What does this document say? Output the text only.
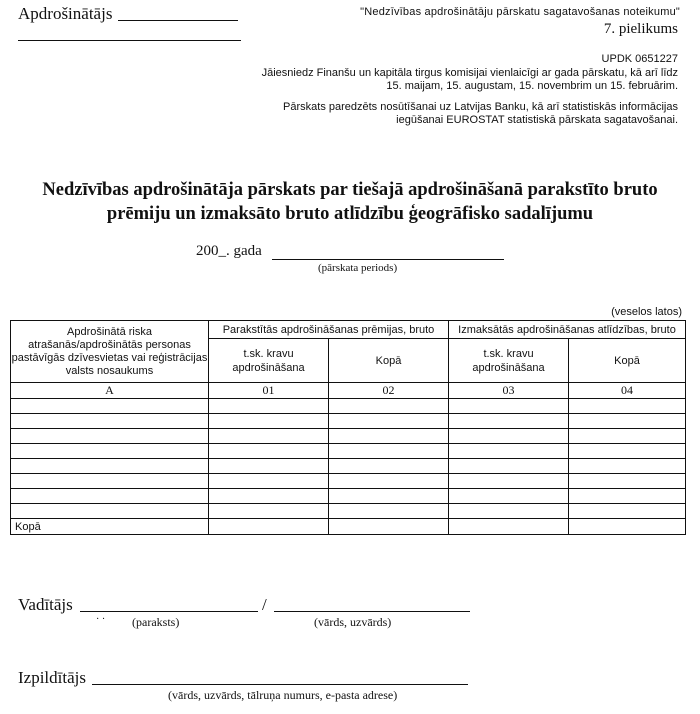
Apdrošinātājs	"Nedzīvības apdrošinātāju pārskatu sagatavošanas noteikumu"
7. pielikums
UPDK 0651227
Jāiesniedz Finanšu un kapitāla tirgus komisijai vienlaicīgi ar gada pārskatu, kā arī līdz 15. maijam, 15. augustam, 15. novembrim un 15. februārim.
Pārskats paredzēts nosūtīšanai uz Latvijas Banku, kā arī statistiskās informācijas iegūšanai EUROSTAT statistiskā pārskata sagatavošanai.
Nedzīvības apdrošinātāja pārskats par tiešajā apdrošināšanā parakstīto bruto prēmiju un izmaksāto bruto atlīdzību ģeogrāfisko sadalījumu
200_. gada
(pārskata periods)
(veselos latos)
Apdrošinātā riska atrašanās/apdrošinātās personas pastāvīgās dzīvesvietas vai reģistrācijas valsts nosaukums	Parakstītās apdrošināšanas prēmijas, bruto		Izmaksātās apdrošināšanas atlīdzības, bruto	
	t.sk. kravu apdrošināšana	Kopā	t.sk. kravu apdrošināšana	Kopā
A	01	02	03	04

Kopā				
Vadītājs	/
· · (paraksts)	(vārds, uzvārds)
Izpildītājs
(vārds, uzvārds, tālruņa numurs, e-pasta adrese)
